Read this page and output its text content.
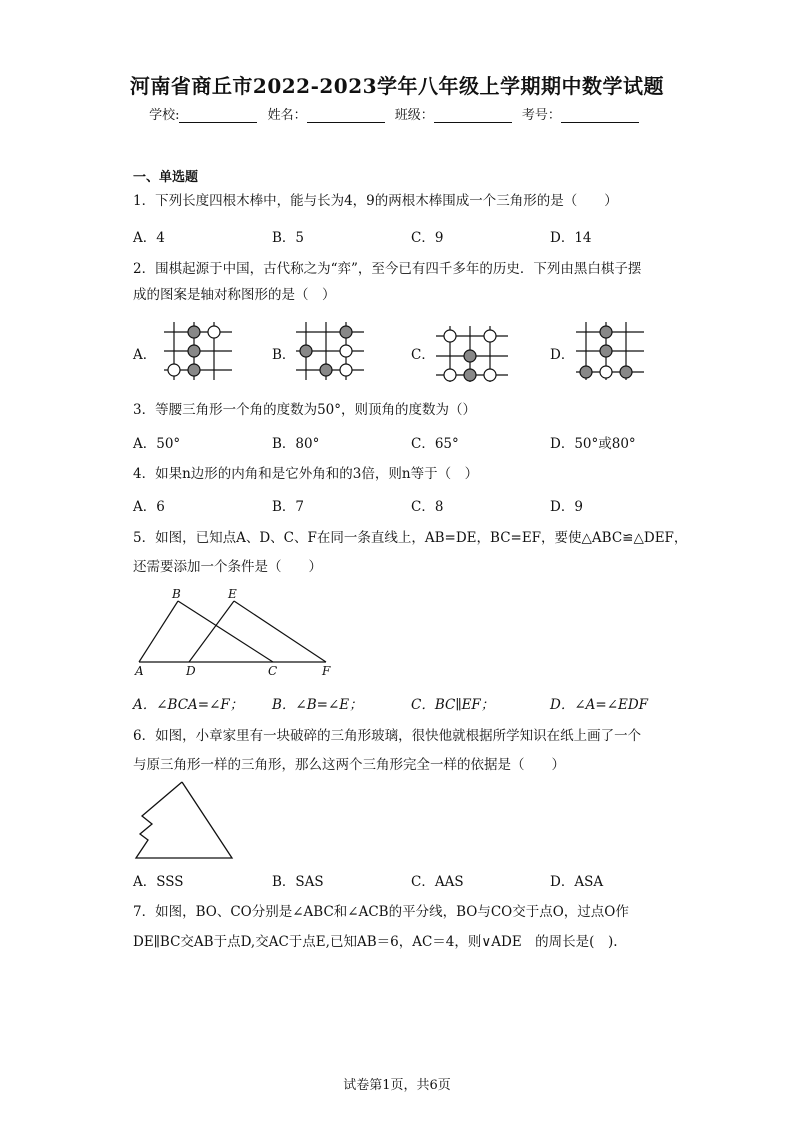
河南省商丘市2022-2023学年八年级上学期期中数学试题
学校:	姓名：	班级：	考号：
一、单选题
1．下列长度四根木棒中，能与长为4，9的两根木棒围成一个三角形的是（　　）
A．4	B．5	C．9	D．14
2．围棋起源于中国，古代称之为“弈”，至今已有四千多年的历史．下列由黑白棋子摆
成的图案是轴对称图形的是（　）
A．	B．	C．	D．
3．等腰三角形一个角的度数为50°，则顶角的度数为（）
A．50°	B．80°	C．65°	D．50°或80°
4．如果n边形的内角和是它外角和的3倍，则n等于（　）
A．6	B．7	C．8	D．9
5．如图，已知点A、D、C、F在同一条直线上，AB=DE，BC=EF，要使△ABC≌△DEF，
还需要添加一个条件是（　　）
B	E
A	D	C	F
A．∠BCA=∠F； B．∠B=∠E；	C．BC∥EF；	D．∠A=∠EDF
6．如图，小章家里有一块破碎的三角形玻璃，很快他就根据所学知识在纸上画了一个
与原三角形一样的三角形，那么这两个三角形完全一样的依据是（　　）
A．SSS	B．SAS	C．AAS	D．ASA
7．如图，BO、CO分别是∠ABC和∠ACB的平分线，BO与CO交于点O，过点O作
DE∥BC交AB于点D,交AC于点E,已知AB＝6，AC＝4，则∨ADE　的周长是(　).
试卷第1页，共6页
